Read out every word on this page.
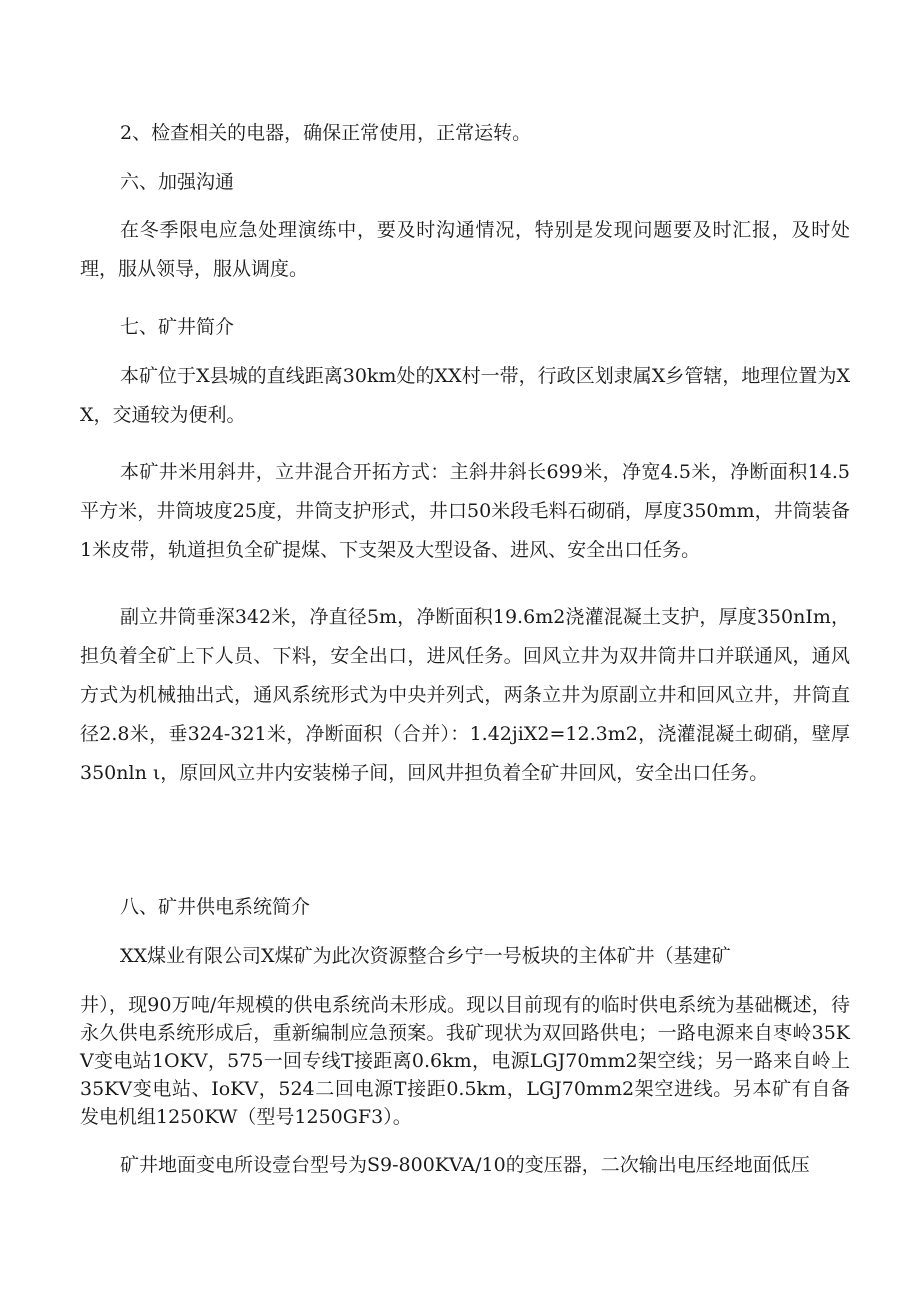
2、检查相关的电器，确保正常使用，正常运转。

六、加强沟通

在冬季限电应急处理演练中，要及时沟通情况，特别是发现问题要及时汇报，及时处理，服从领导，服从调度。

七、矿井简介

本矿位于X县城的直线距离30km处的XX村一带，行政区划隶属X乡管辖，地理位置为XX，交通较为便利。

本矿井米用斜井，立井混合开拓方式：主斜井斜长699米，净宽4.5米，净断面积14.5平方米，井筒坡度25度，井筒支护形式，井口50米段毛料石砌硝，厚度350mm，井筒装备1米皮带，轨道担负全矿提煤、下支架及大型设备、进风、安全出口任务。

副立井筒垂深342米，净直径5m，净断面积19.6m2浇灌混凝土支护，厚度350nIm，担负着全矿上下人员、下料，安全出口，进风任务。回风立井为双井筒井口并联通风，通风方式为机械抽出式，通风系统形式为中央并列式，两条立井为原副立井和回风立井，井筒直径2.8米，垂324-321米，净断面积（合并）：1.42jiX2=12.3m2，浇灌混凝土砌硝，壁厚350nln ι，原回风立井内安装梯子间，回风井担负着全矿井回风，安全出口任务。

八、矿井供电系统简介

XX煤业有限公司X煤矿为此次资源整合乡宁一号板块的主体矿井（基建矿

井），现90万吨/年规模的供电系统尚未形成。现以目前现有的临时供电系统为基础概述，待永久供电系统形成后，重新编制应急预案。我矿现状为双回路供电；一路电源来自枣岭35KV变电站1OKV，575一回专线T接距离0.6km，电源LGJ70mm2架空线；另一路来自岭上35KV变电站、IoKV，524二回电源T接距0.5km，LGJ70mm2架空进线。另本矿有自备发电机组1250KW（型号1250GF3）。

矿井地面变电所设壹台型号为S9-800KVA/10的变压器，二次输出电压经地面低压
